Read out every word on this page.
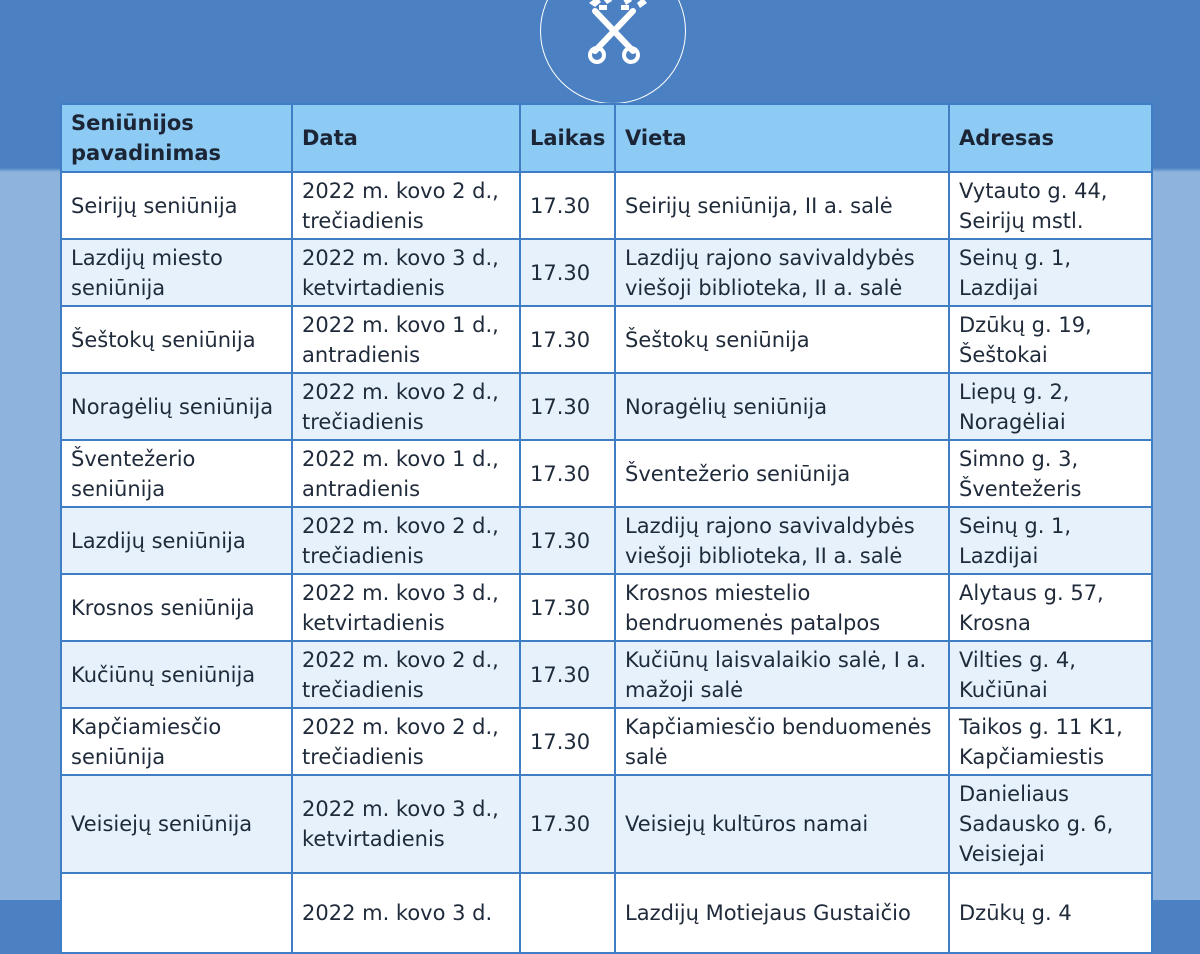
Seniūnijos pavadinimas	Data	Laikas	Vieta	Adresas
Seirijų seniūnija	2022 m. kovo 2 d., trečiadienis	17.30	Seirijų seniūnija, II a. salė	Vytauto g. 44, Seirijų mstl.
Lazdijų miesto seniūnija	2022 m. kovo 3 d., ketvirtadienis	17.30	Lazdijų rajono savivaldybės viešoji biblioteka, II a. salė	Seinų g. 1, Lazdijai
Šeštokų seniūnija	2022 m. kovo 1 d., antradienis	17.30	Šeštokų seniūnija	Dzūkų g. 19, Šeštokai
Noragėlių seniūnija	2022 m. kovo 2 d., trečiadienis	17.30	Noragėlių seniūnija	Liepų g. 2, Noragėliai
Šventežerio seniūnija	2022 m. kovo 1 d., antradienis	17.30	Šventežerio seniūnija	Simno g. 3, Šventežeris
Lazdijų seniūnija	2022 m. kovo 2 d., trečiadienis	17.30	Lazdijų rajono savivaldybės viešoji biblioteka, II a. salė	Seinų g. 1, Lazdijai
Krosnos seniūnija	2022 m. kovo 3 d., ketvirtadienis	17.30	Krosnos miestelio bendruomenės patalpos	Alytaus g. 57, Krosna
Kučiūnų seniūnija	2022 m. kovo 2 d., trečiadienis	17.30	Kučiūnų laisvalaikio salė, I a. mažoji salė	Vilties g. 4, Kučiūnai
Kapčiamiesčio seniūnija	2022 m. kovo 2 d., trečiadienis	17.30	Kapčiamiesčio benduomenės salė	Taikos g. 11 K1, Kapčiamiestis
Veisiejų seniūnija	2022 m. kovo 3 d., ketvirtadienis	17.30	Veisiejų kultūros namai	Danieliaus Sadausko g. 6, Veisiejai
	2022 m. kovo 3 d.		Lazdijų Motiejaus Gustaičio	Dzūkų g. 4
